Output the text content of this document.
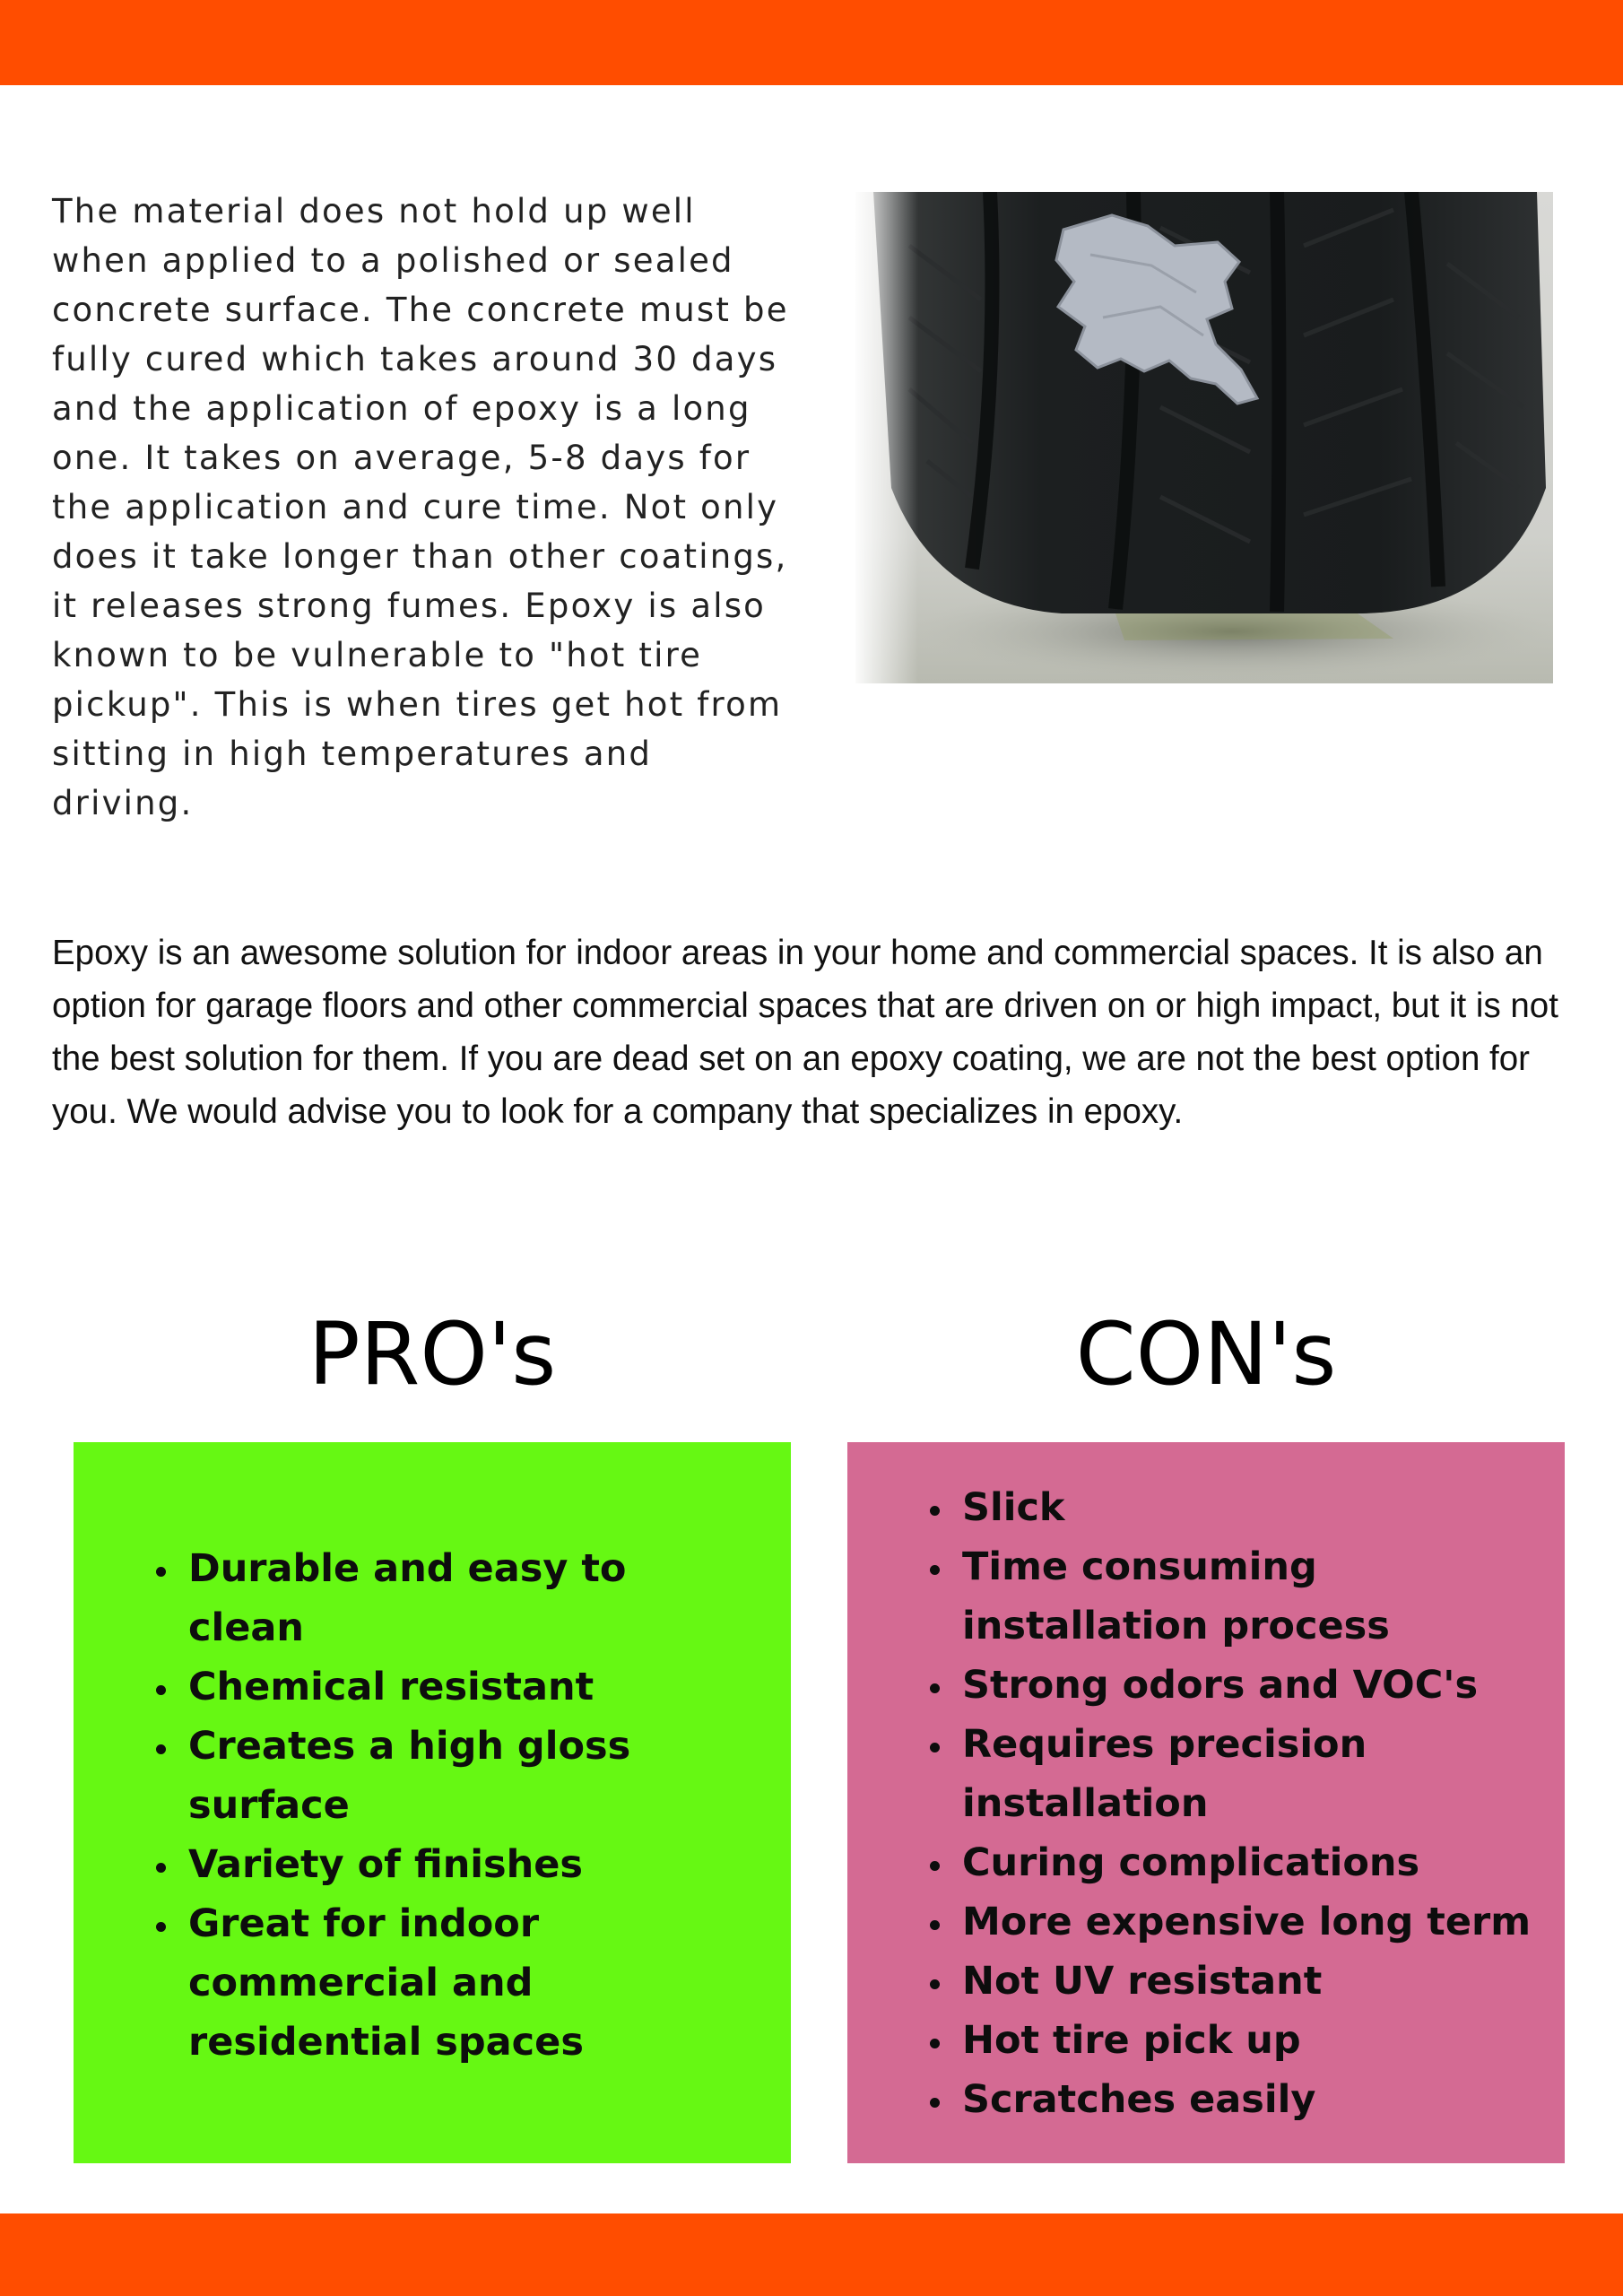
The material does not hold up well when applied to a polished or sealed concrete surface. The concrete must be fully cured which takes around 30 days and the application of epoxy is a long one. It takes on average, 5-8 days for the application and cure time. Not only does it take longer than other coatings, it releases strong fumes. Epoxy is also known to be vulnerable to "hot tire pickup". This is when tires get hot from sitting in high temperatures and driving.

Epoxy is an awesome solution for indoor areas in your home and commercial spaces. It is also an option for garage floors and other commercial spaces that are driven on or high impact, but it is not the best solution for them. If you are dead set on an epoxy coating, we are not the best option for you. We would advise you to look for a company that specializes in epoxy.

PRO's	CON's
• Durable and easy to clean
• Chemical resistant
• Creates a high gloss surface
• Variety of finishes
• Great for indoor commercial and residential spaces
• Slick
• Time consuming installation process
• Strong odors and VOC's
• Requires precision installation
• Curing complications
• More expensive long term
• Not UV resistant
• Hot tire pick up
• Scratches easily
